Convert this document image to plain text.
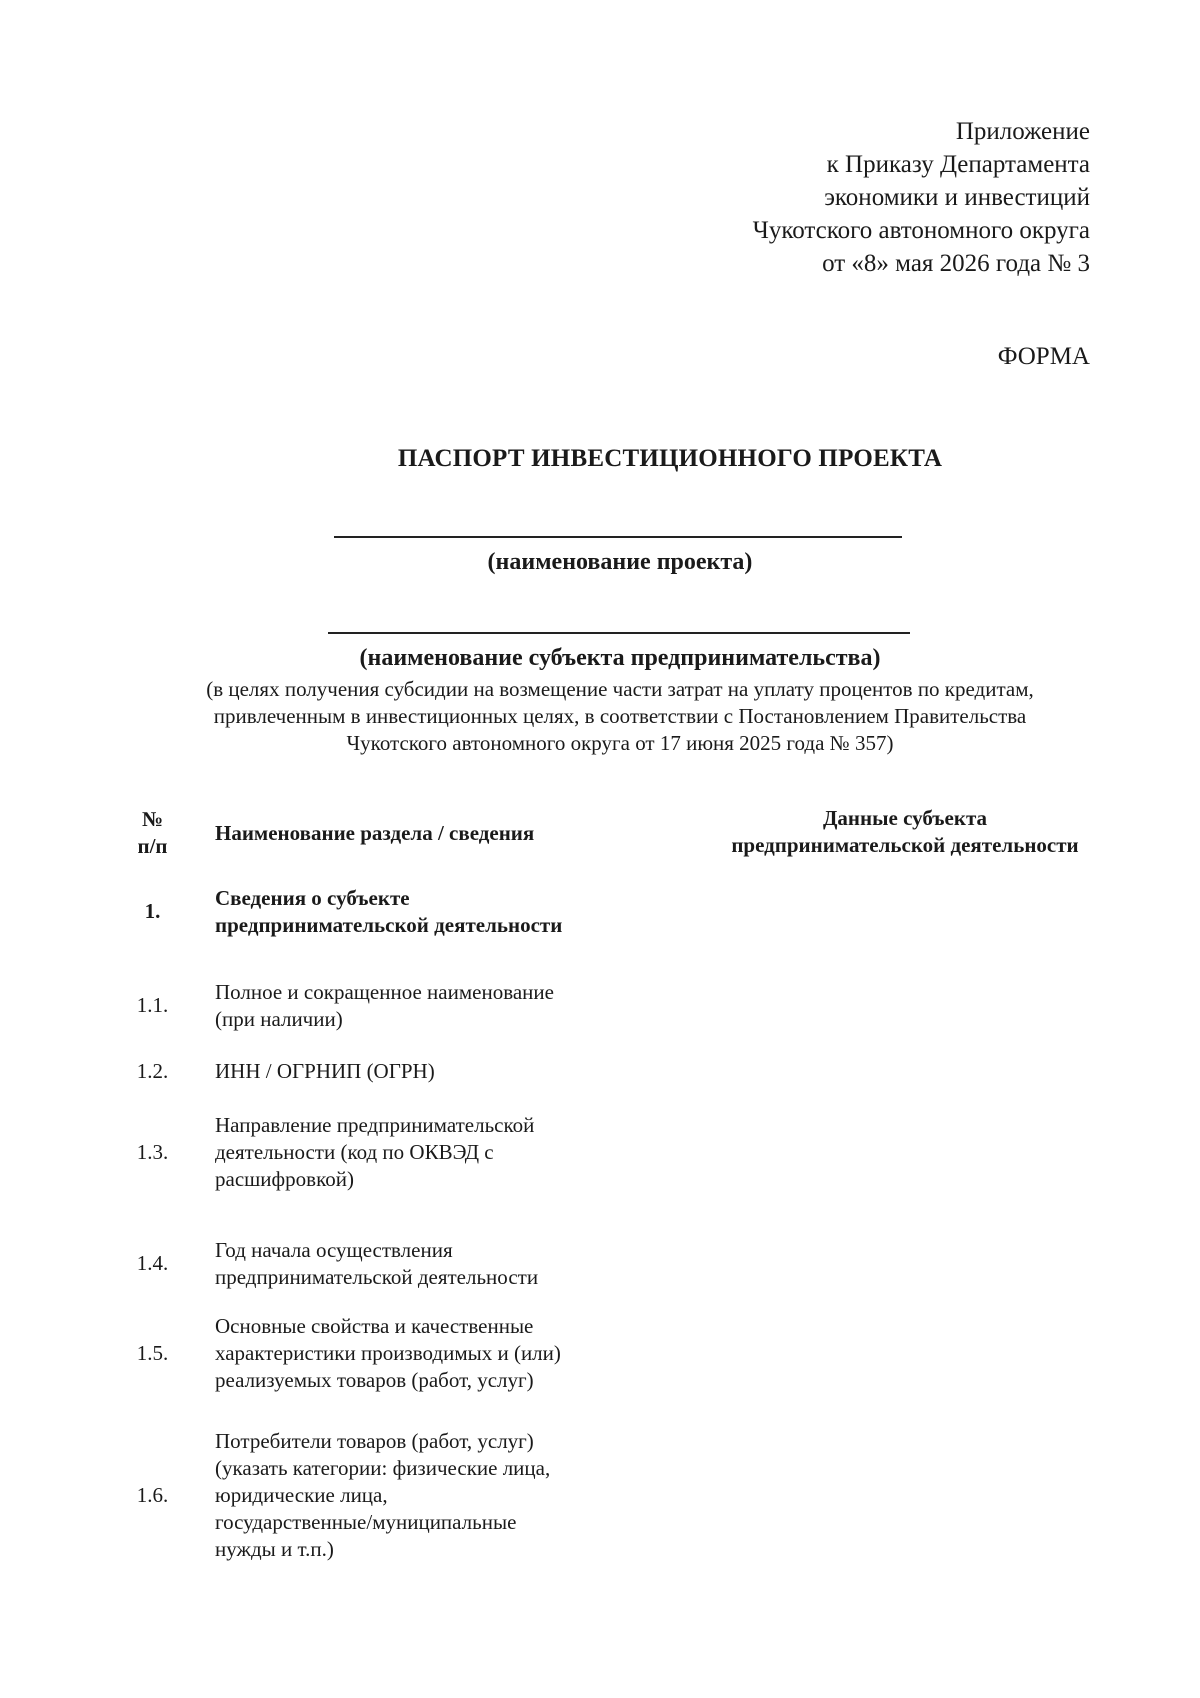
Приложение
к Приказу Департамента
экономики и инвестиций
Чукотского автономного округа
от «8» мая 2026 года № 3
ФОРМА
ПАСПОРТ ИНВЕСТИЦИОННОГО ПРОЕКТА
(наименование проекта)
(наименование субъекта предпринимательства)
(в целях получения субсидии на возмещение части затрат на уплату процентов по кредитам,
привлеченным в инвестиционных целях, в соответствии с Постановлением Правительства
Чукотского автономного округа от 17 июня 2025 года № 357)
№
п/п
Наименование раздела / сведения
Данные субъекта
предпринимательской деятельности
1.
Сведения о субъекте
предпринимательской деятельности
1.1.
Полное и сокращенное наименование
(при наличии)
1.2.	ИНН / ОГРНИП (ОГРН)
1.3.
Направление предпринимательской
деятельности (код по ОКВЭД с
расшифровкой)
1.4.
Год начала осуществления
предпринимательской деятельности
1.5.
Основные свойства и качественные
характеристики производимых и (или)
реализуемых товаров (работ, услуг)
1.6.
Потребители товаров (работ, услуг)
(указать категории: физические лица,
юридические лица,
государственные/муниципальные
нужды и т.п.)
